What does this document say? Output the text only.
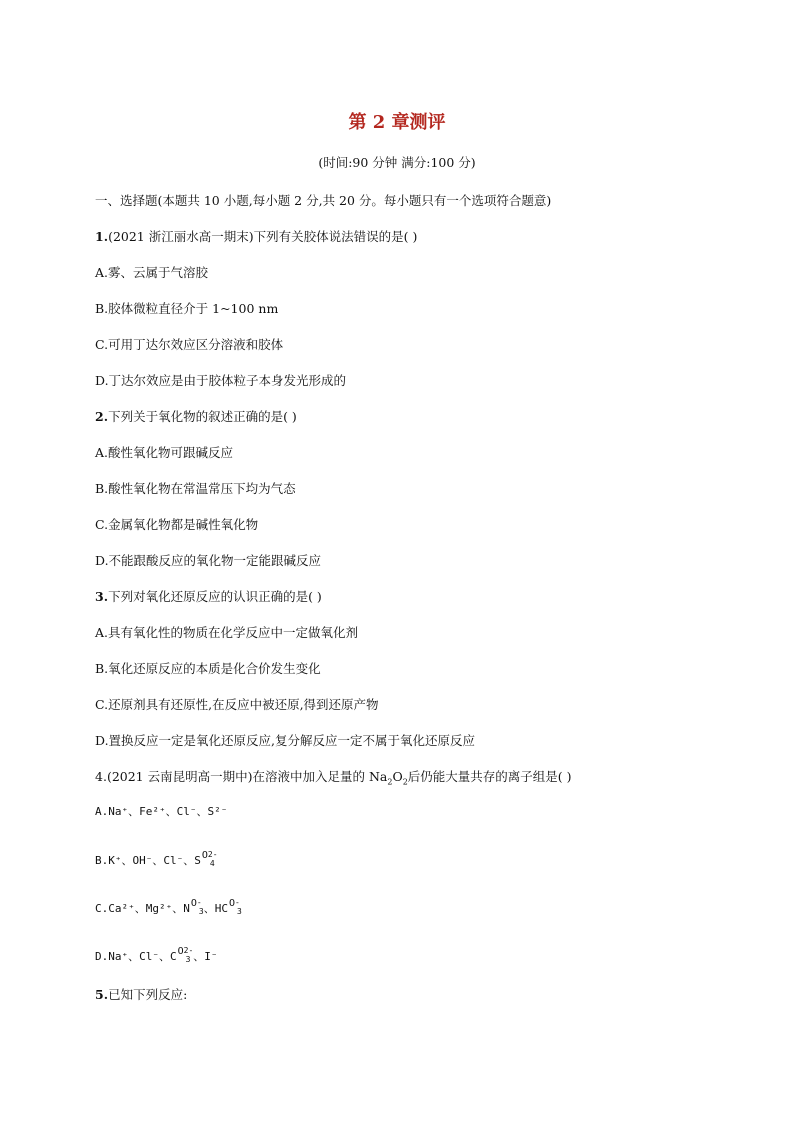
第 2 章测评
(时间:90 分钟 满分:100 分)
一、选择题(本题共 10 小题,每小题 2 分,共 20 分。每小题只有一个选项符合题意)
1.(2021 浙江丽水高一期末)下列有关胶体说法错误的是( )
A.雾、云属于气溶胶
B.胶体微粒直径介于 1~100 nm
C.可用丁达尔效应区分溶液和胶体
D.丁达尔效应是由于胶体粒子本身发光形成的
2.下列关于氧化物的叙述正确的是( )
A.酸性氧化物可跟碱反应
B.酸性氧化物在常温常压下均为气态
C.金属氧化物都是碱性氧化物
D.不能跟酸反应的氧化物一定能跟碱反应
3.下列对氧化还原反应的认识正确的是( )
A.具有氧化性的物质在化学反应中一定做氧化剂
B.氧化还原反应的本质是化合价发生变化
C.还原剂具有还原性,在反应中被还原,得到还原产物
D.置换反应一定是氧化还原反应,复分解反应一定不属于氧化还原反应
4.(2021 云南昆明高一期中)在溶液中加入足量的 $Na_2O_2$后仍能大量共存的离子组是( )
A.Na⁺、Fe²⁺、Cl⁻、S²⁻
B.K⁺、OH⁻、Cl⁻、S O 2-
4
C.Ca²⁺、Mg²⁺、N O -
3 、HC O -
3
D.Na⁺、Cl⁻、C O 2-
3 、I⁻
5.已知下列反应:
